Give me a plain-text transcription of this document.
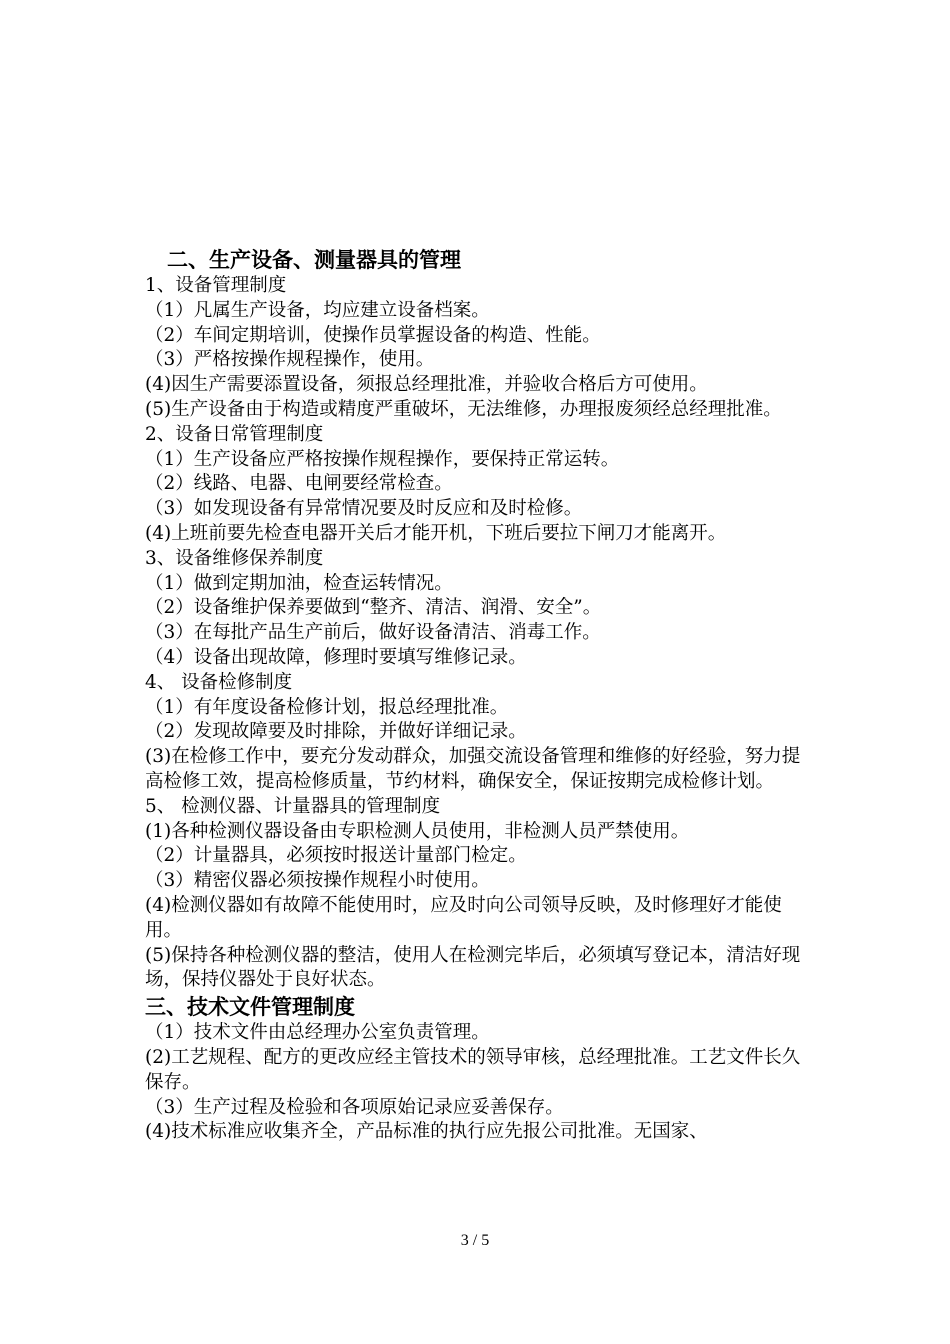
二、生产设备、测量器具的管理
1、设备管理制度
（1）凡属生产设备，均应建立设备档案。
（2）车间定期培训，使操作员掌握设备的构造、性能。
（3）严格按操作规程操作，使用。
(4)因生产需要添置设备，须报总经理批准，并验收合格后方可使用。
(5)生产设备由于构造或精度严重破坏，无法维修，办理报废须经总经理批准。
2、设备日常管理制度
（1）生产设备应严格按操作规程操作，要保持正常运转。
（2）线路、电器、电闸要经常检查。
（3）如发现设备有异常情况要及时反应和及时检修。
(4)上班前要先检查电器开关后才能开机，下班后要拉下闸刀才能离开。
3、设备维修保养制度
（1）做到定期加油，检查运转情况。
（2）设备维护保养要做到“整齐、清洁、润滑、安全”。
（3）在每批产品生产前后，做好设备清洁、消毒工作。
（4）设备出现故障，修理时要填写维修记录。
4、 设备检修制度
（1）有年度设备检修计划，报总经理批准。
（2）发现故障要及时排除，并做好详细记录。
(3)在检修工作中，要充分发动群众，加强交流设备管理和维修的好经验，努力提高检修工效，提高检修质量，节约材料，确保安全，保证按期完成检修计划。
5、 检测仪器、计量器具的管理制度
(1)各种检测仪器设备由专职检测人员使用，非检测人员严禁使用。
（2）计量器具，必须按时报送计量部门检定。
（3）精密仪器必须按操作规程小时使用。
(4)检测仪器如有故障不能使用时，应及时向公司领导反映，及时修理好才能使用。
(5)保持各种检测仪器的整洁，使用人在检测完毕后，必须填写登记本，清洁好现场，保持仪器处于良好状态。
三、技术文件管理制度
（1）技术文件由总经理办公室负责管理。
(2)工艺规程、配方的更改应经主管技术的领导审核，总经理批准。工艺文件长久保存。
（3）生产过程及检验和各项原始记录应妥善保存。
(4)技术标准应收集齐全，产品标准的执行应先报公司批准。无国家、
3 / 5
